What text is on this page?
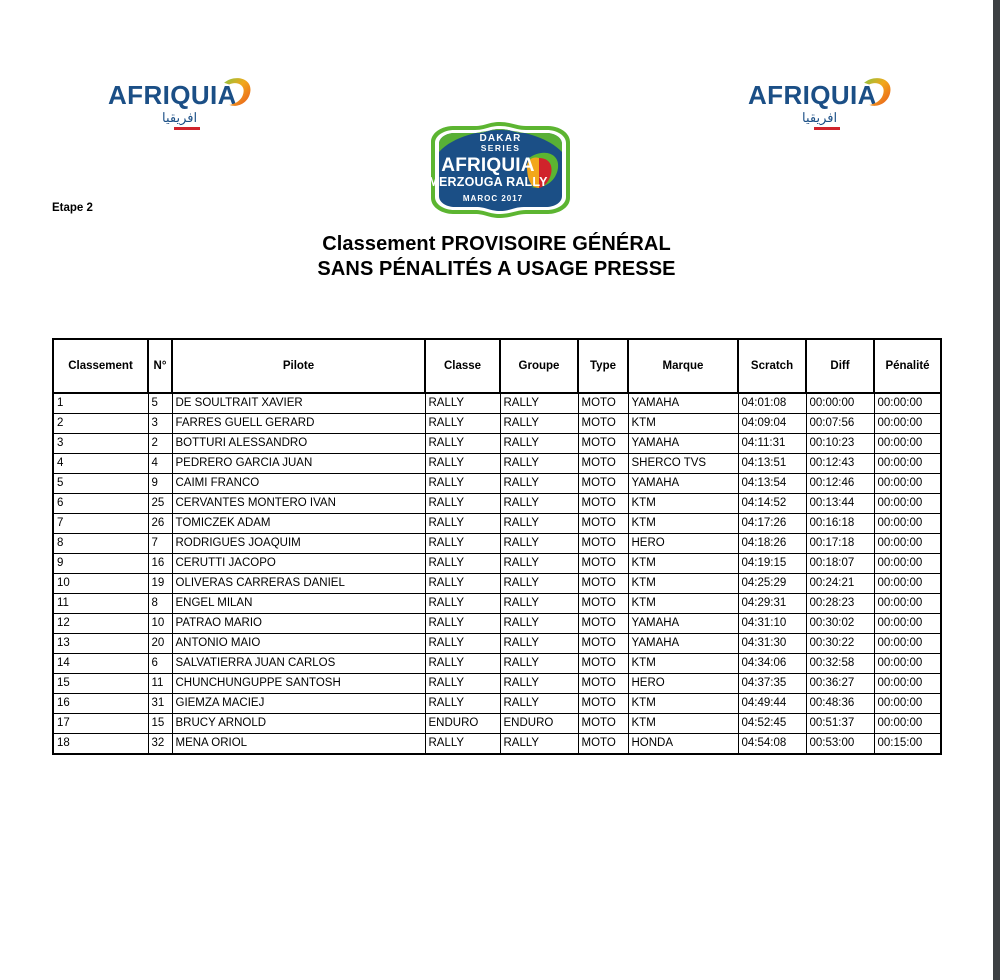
AFRIQUIA
افريقيا
DAKAR
SERIES
AFRIQUIA
MERZOUGA RALLY
MAROC 2017
AFRIQUIA
افريقيا
Etape 2
Classement PROVISOIRE GÉNÉRAL
SANS PÉNALITÉS A USAGE PRESSE
Classement	N°	Pilote	Classe	Groupe	Type	Marque	Scratch	Diff	Pénalité
1	5	DE SOULTRAIT XAVIER	RALLY	RALLY	MOTO	YAMAHA	04:01:08	00:00:00	00:00:00
2	3	FARRES GUELL GERARD	RALLY	RALLY	MOTO	KTM	04:09:04	00:07:56	00:00:00
3	2	BOTTURI ALESSANDRO	RALLY	RALLY	MOTO	YAMAHA	04:11:31	00:10:23	00:00:00
4	4	PEDRERO GARCIA JUAN	RALLY	RALLY	MOTO	SHERCO TVS	04:13:51	00:12:43	00:00:00
5	9	CAIMI FRANCO	RALLY	RALLY	MOTO	YAMAHA	04:13:54	00:12:46	00:00:00
6	25	CERVANTES MONTERO IVAN	RALLY	RALLY	MOTO	KTM	04:14:52	00:13:44	00:00:00
7	26	TOMICZEK ADAM	RALLY	RALLY	MOTO	KTM	04:17:26	00:16:18	00:00:00
8	7	RODRIGUES JOAQUIM	RALLY	RALLY	MOTO	HERO	04:18:26	00:17:18	00:00:00
9	16	CERUTTI JACOPO	RALLY	RALLY	MOTO	KTM	04:19:15	00:18:07	00:00:00
10	19	OLIVERAS CARRERAS DANIEL	RALLY	RALLY	MOTO	KTM	04:25:29	00:24:21	00:00:00
11	8	ENGEL MILAN	RALLY	RALLY	MOTO	KTM	04:29:31	00:28:23	00:00:00
12	10	PATRAO MARIO	RALLY	RALLY	MOTO	YAMAHA	04:31:10	00:30:02	00:00:00
13	20	ANTONIO MAIO	RALLY	RALLY	MOTO	YAMAHA	04:31:30	00:30:22	00:00:00
14	6	SALVATIERRA JUAN CARLOS	RALLY	RALLY	MOTO	KTM	04:34:06	00:32:58	00:00:00
15	11	CHUNCHUNGUPPE SANTOSH	RALLY	RALLY	MOTO	HERO	04:37:35	00:36:27	00:00:00
16	31	GIEMZA MACIEJ	RALLY	RALLY	MOTO	KTM	04:49:44	00:48:36	00:00:00
17	15	BRUCY ARNOLD	ENDURO	ENDURO	MOTO	KTM	04:52:45	00:51:37	00:00:00
18	32	MENA ORIOL	RALLY	RALLY	MOTO	HONDA	04:54:08	00:53:00	00:15:00
